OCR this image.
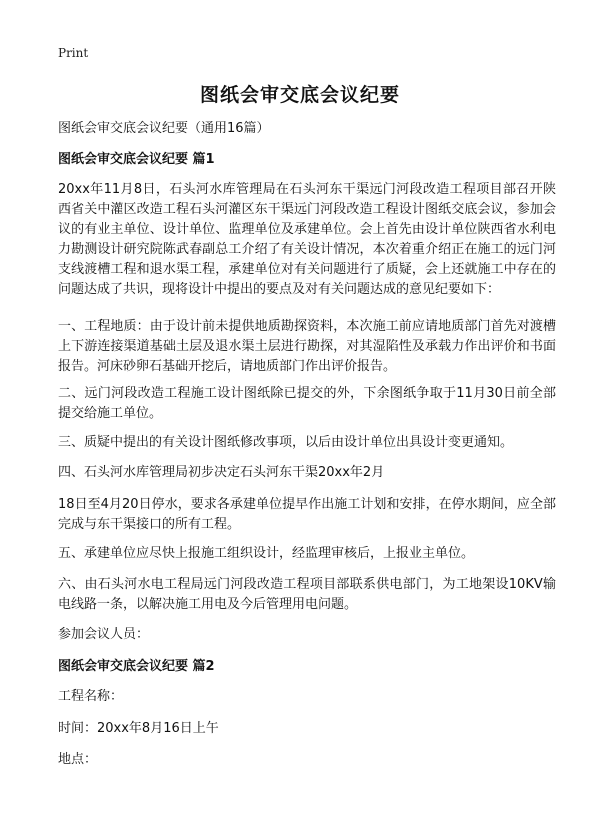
Print
图纸会审交底会议纪要
图纸会审交底会议纪要（通用16篇）
图纸会审交底会议纪要 篇1
20xx年11月8日，石头河水库管理局在石头河东干渠远门河段改造工程项目部召开陕西省关中灌区改造工程石头河灌区东干渠远门河段改造工程设计图纸交底会议，参加会议的有业主单位、设计单位、监理单位及承建单位。会上首先由设计单位陕西省水利电力勘测设计研究院陈武春副总工介绍了有关设计情况，本次着重介绍正在施工的远门河支线渡槽工程和退水渠工程，承建单位对有关问题进行了质疑，会上还就施工中存在的问题达成了共识，现将设计中提出的要点及对有关问题达成的意见纪要如下：
一、工程地质：由于设计前未提供地质勘探资料，本次施工前应请地质部门首先对渡槽上下游连接渠道基础土层及退水渠土层进行勘探，对其湿陷性及承载力作出评价和书面报告。河床砂卵石基础开挖后，请地质部门作出评价报告。
二、远门河段改造工程施工设计图纸除已提交的外，下余图纸争取于11月30日前全部提交给施工单位。
三、质疑中提出的有关设计图纸修改事项，以后由设计单位出具设计变更通知。
四、石头河水库管理局初步决定石头河东干渠20xx年2月
18日至4月20日停水，要求各承建单位提早作出施工计划和安排，在停水期间，应全部完成与东干渠接口的所有工程。
五、承建单位应尽快上报施工组织设计，经监理审核后，上报业主单位。
六、由石头河水电工程局远门河段改造工程项目部联系供电部门，为工地架设10KV输电线路一条，以解决施工用电及今后管理用电问题。
参加会议人员：
图纸会审交底会议纪要 篇2
工程名称：
时间：20xx年8月16日上午
地点：
